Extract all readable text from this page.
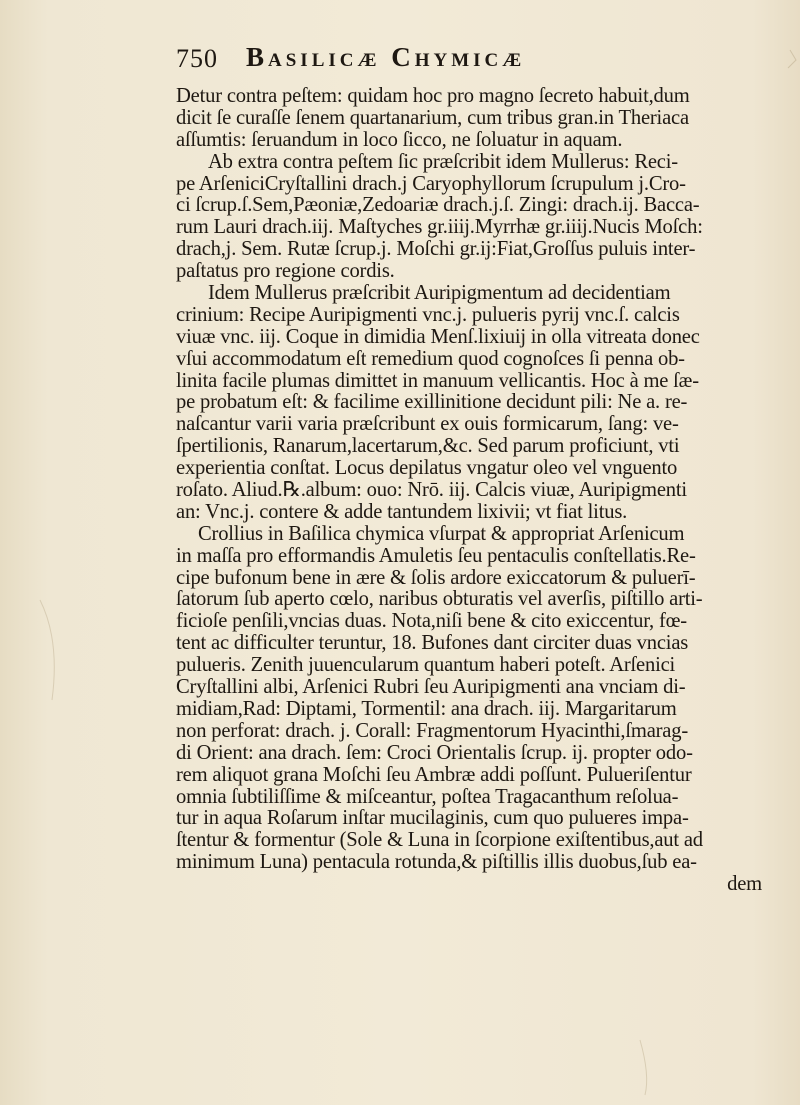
750 Basilicæ Chymicæ
Detur contra peſtem: quidam hoc pro magno ſecreto habuit,dum
dicit ſe curaſſe ſenem quartanarium, cum tribus gran.in Theriaca
aſſumtis: ſeruandum in loco ſicco, ne ſoluatur in aquam.
Ab extra contra peſtem ſic præſcribit idem Mullerus: Reci-
pe ArſeniciCryſtallini drach.j Caryophyllorum ſcrupulum j.Cro-
ci ſcrup.ſ.Sem,Pæoniæ,Zedoariæ drach.j.ſ. Zingi: drach.ij. Bacca-
rum Lauri drach.iij. Maſtyches gr.iiij.Myrrhæ gr.iiij.Nucis Moſch:
drach,j. Sem. Rutæ ſcrup.j. Moſchi gr.ij:Fiat,Groſſus puluis inter-
paſtatus pro regione cordis.
Idem Mullerus præſcribit Auripigmentum ad decidentiam
crinium: Recipe Auripigmenti vnc.j. pulueris pyrij vnc.ſ. calcis
viuæ vnc. iij. Coque in dimidia Menſ.lixiuij in olla vitreata donec
vſui accommodatum eſt remedium quod cognoſces ſi penna ob-
linita facile plumas dimittet in manuum vellicantis. Hoc à me ſæ-
pe probatum eſt: & facilime exillinitione decidunt pili: Ne a. re-
naſcantur varii varia præſcribunt ex ouis formicarum, ſang: ve-
ſpertilionis, Ranarum,lacertarum,&c. Sed parum proficiunt, vti
experientia conſtat. Locus depilatus vngatur oleo vel vnguento
roſato. Aliud.℞.album: ouo: Nrō. iij. Calcis viuæ, Auripigmenti
an: Vnc.j. contere & adde tantundem lixivii; vt fiat litus.
Crollius in Baſilica chymica vſurpat & appropriat Arſenicum
in maſſa pro efformandis Amuletis ſeu pentaculis conſtellatis.Re-
cipe bufonum bene in ære & ſolis ardore exiccatorum & puluerī-
ſatorum ſub aperto cœlo, naribus obturatis vel averſis, piſtillo arti-
ficioſe penſili,vncias duas. Nota,niſi bene & cito exiccentur, fœ-
tent ac difficulter teruntur, 18. Bufones dant circiter duas vncias
pulueris. Zenith juuencularum quantum haberi poteſt. Arſenici
Cryſtallini albi, Arſenici Rubri ſeu Auripigmenti ana vnciam di-
midiam,Rad: Diptami, Tormentil: ana drach. iij. Margaritarum
non perforat: drach. j. Corall: Fragmentorum Hyacinthi,ſmarag-
di Orient: ana drach. ſem: Croci Orientalis ſcrup. ij. propter odo-
rem aliquot grana Moſchi ſeu Ambræ addi poſſunt. Pulueriſentur
omnia ſubtiliſſime & miſceantur, poſtea Tragacanthum reſolua-
tur in aqua Roſarum inſtar mucilaginis, cum quo pulueres impa-
ſtentur & formentur (Sole & Luna in ſcorpione exiſtentibus,aut ad
minimum Luna) pentacula rotunda,& piſtillis illis duobus,ſub ea-
dem
